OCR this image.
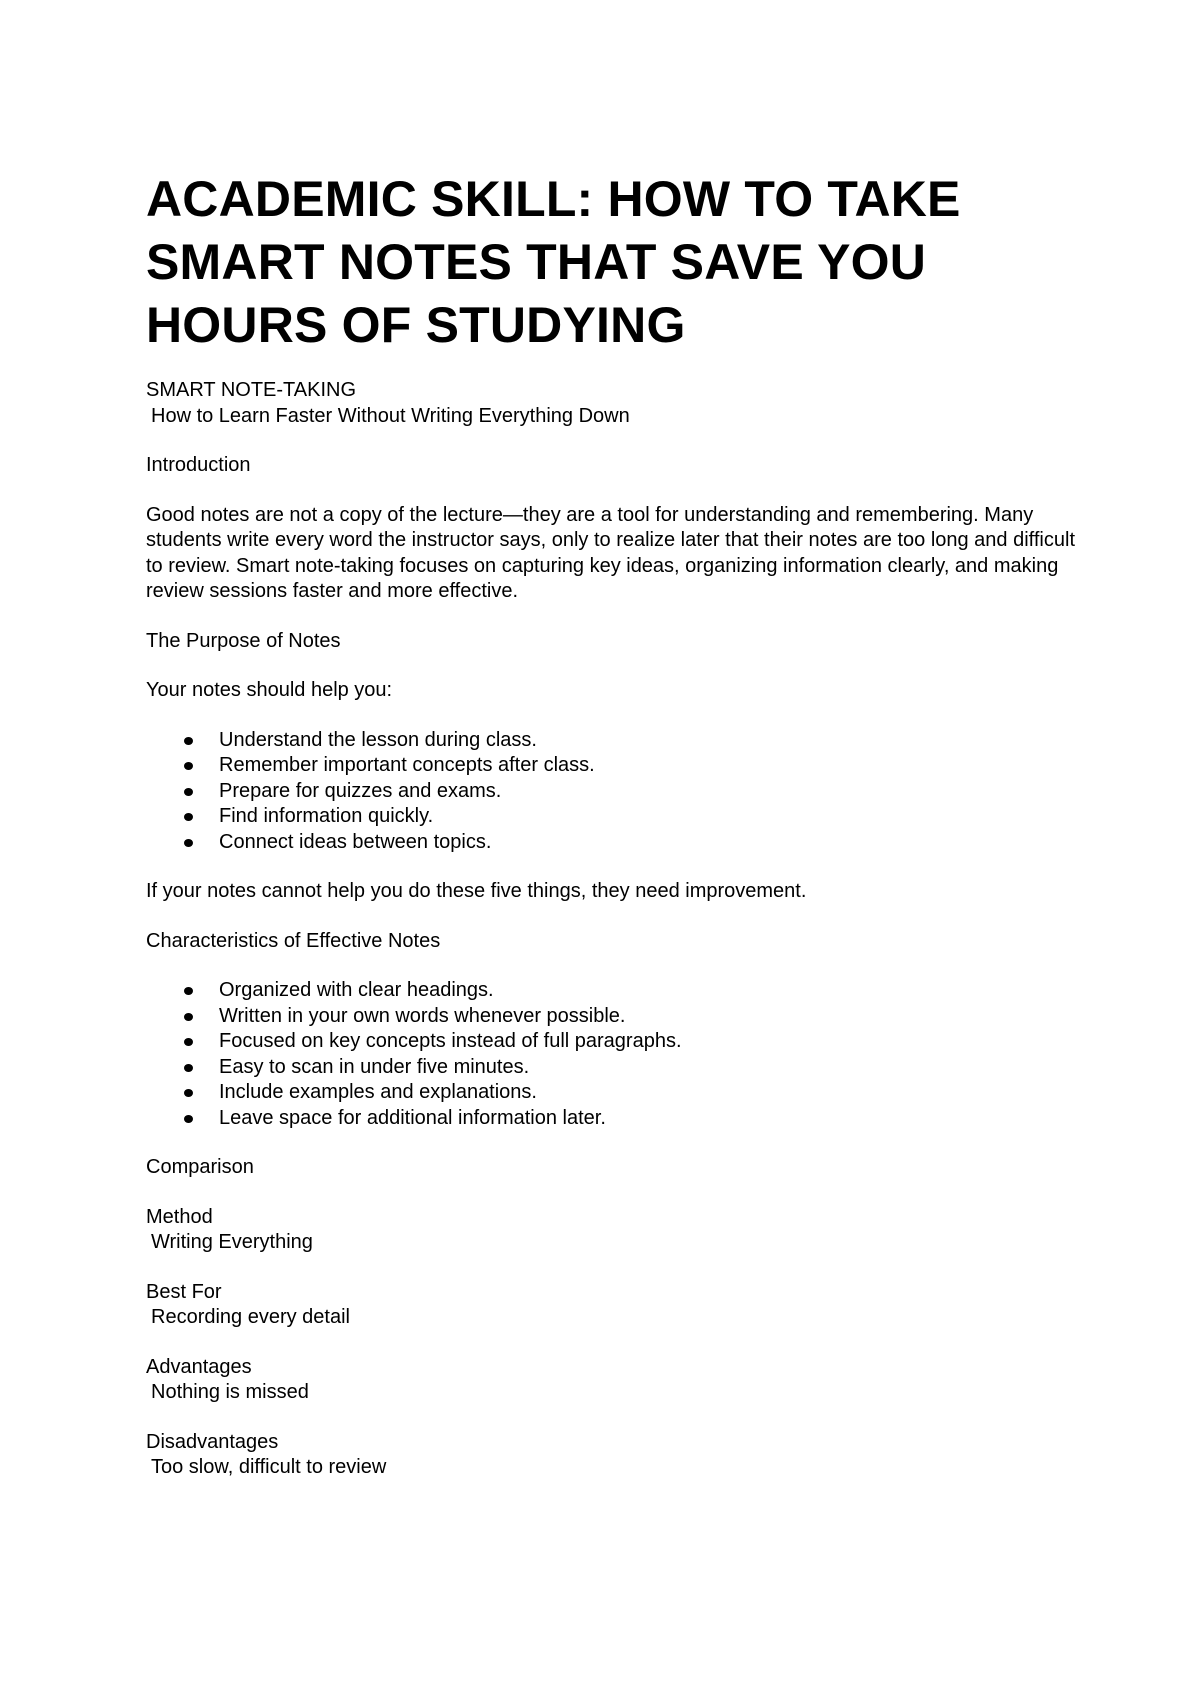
ACADEMIC SKILL: HOW TO TAKE SMART NOTES THAT SAVE YOU HOURS OF STUDYING

SMART NOTE-TAKING

How to Learn Faster Without Writing Everything Down

Introduction

Good notes are not a copy of the lecture—they are a tool for understanding and remembering. Many students write every word the instructor says, only to realize later that their notes are too long and difficult to review. Smart note-taking focuses on capturing key ideas, organizing information clearly, and making review sessions faster and more effective.

The Purpose of Notes

Your notes should help you:

Understand the lesson during class.
Remember important concepts after class.
Prepare for quizzes and exams.
Find information quickly.
Connect ideas between topics.

If your notes cannot help you do these five things, they need improvement.

Characteristics of Effective Notes

Organized with clear headings.
Written in your own words whenever possible.
Focused on key concepts instead of full paragraphs.
Easy to scan in under five minutes.
Include examples and explanations.
Leave space for additional information later.

Comparison

Method

Writing Everything

Best For

Recording every detail

Advantages

Nothing is missed

Disadvantages

Too slow, difficult to review
